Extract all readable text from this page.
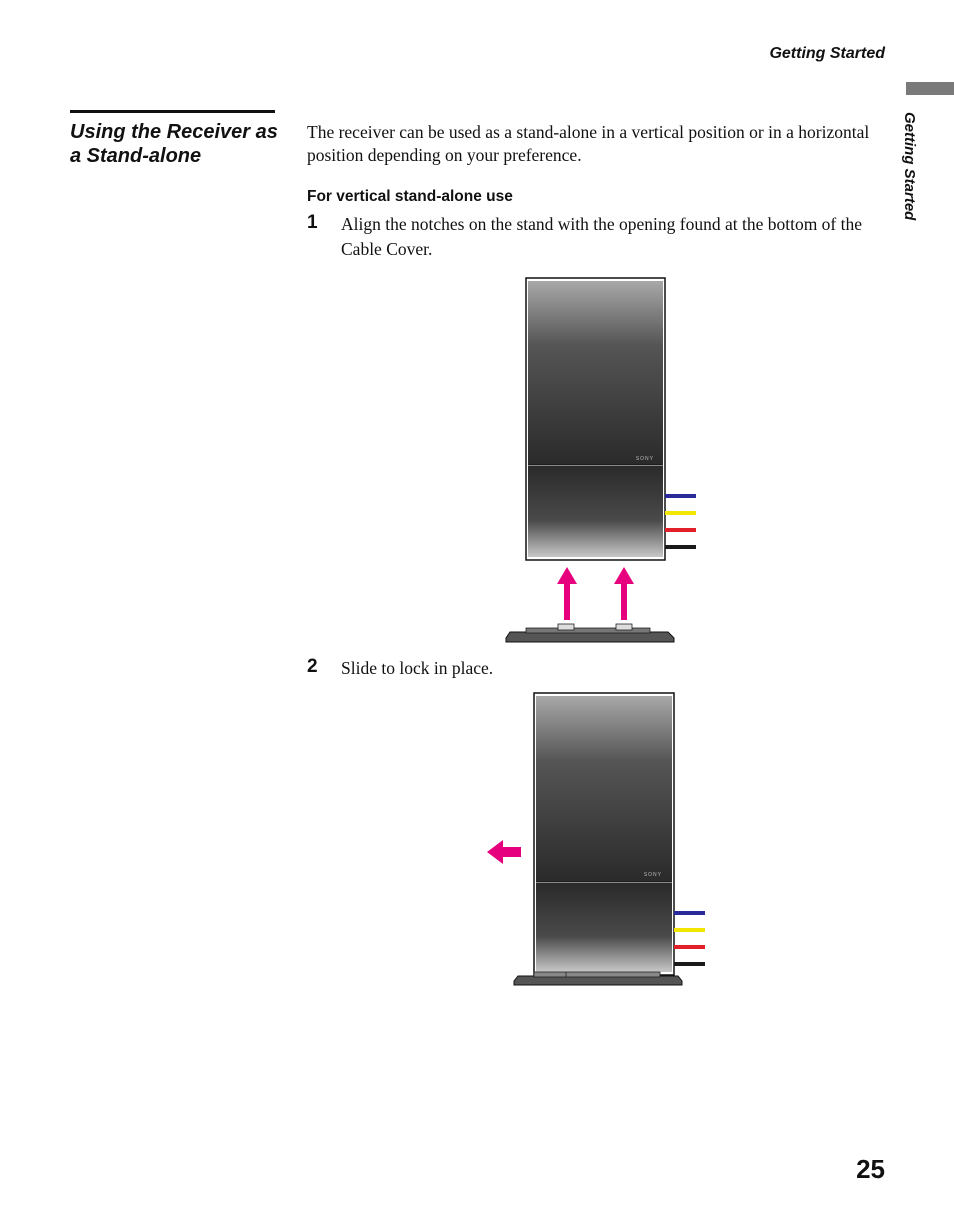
Getting Started
Getting Started
Using the Receiver as a Stand-alone
The receiver can be used as a stand-alone in a vertical position or in a horizontal position depending on your preference.
For vertical stand-alone use
1 Align the notches on the stand with the opening found at the bottom of the Cable Cover.
SONY
2 Slide to lock in place.
SONY
25
